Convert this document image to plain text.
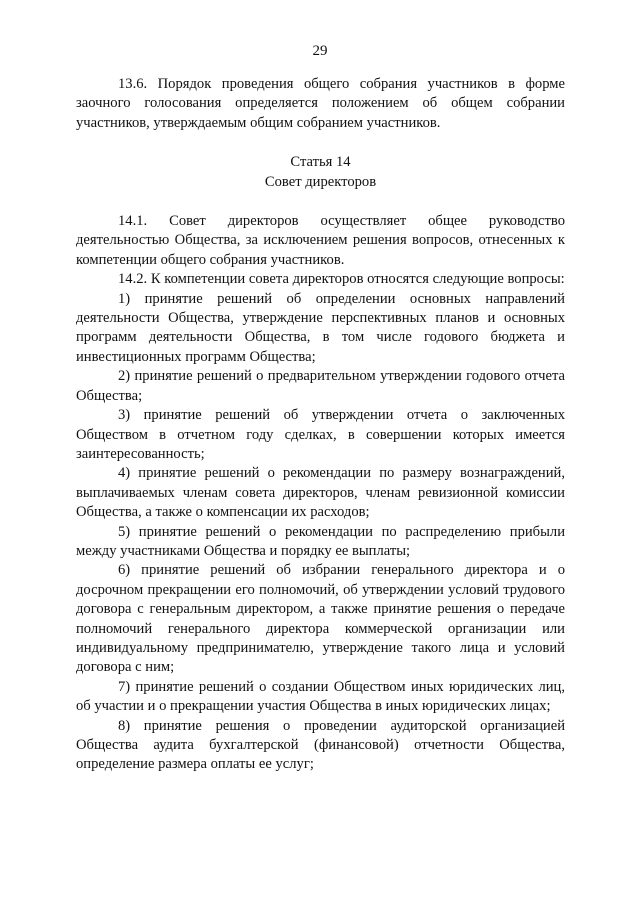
29

13.6. Порядок проведения общего собрания участников в форме заочного голосования определяется положением об общем собрании участников, утверждаемым общим собранием участников.

Статья 14

Совет директоров

14.1. Совет директоров осуществляет общее руководство деятельностью Общества, за исключением решения вопросов, отнесенных к компетенции общего собрания участников.

14.2. К компетенции совета директоров относятся следующие вопросы:

1) принятие решений об определении основных направлений деятельности Общества, утверждение перспективных планов и основных программ деятельности Общества, в том числе годового бюджета и инвестиционных программ Общества;

2) принятие решений о предварительном утверждении годового отчета Общества;

3) принятие решений об утверждении отчета о заключенных Обществом в отчетном году сделках, в совершении которых имеется заинтересованность;

4) принятие решений о рекомендации по размеру вознаграждений, выплачиваемых членам совета директоров, членам ревизионной комиссии Общества, а также о компенсации их расходов;

5) принятие решений о рекомендации по распределению прибыли между участниками Общества и порядку ее выплаты;

6) принятие решений об избрании генерального директора и о досрочном прекращении его полномочий, об утверждении условий трудового договора с генеральным директором, а также принятие решения о передаче полномочий генерального директора коммерческой организации или индивидуальному предпринимателю, утверждение такого лица и условий договора с ним;

7) принятие решений о создании Обществом иных юридических лиц, об участии и о прекращении участия Общества в иных юридических лицах;

8) принятие решения о проведении аудиторской организацией Общества аудита бухгалтерской (финансовой) отчетности Общества, определение размера оплаты ее услуг;
